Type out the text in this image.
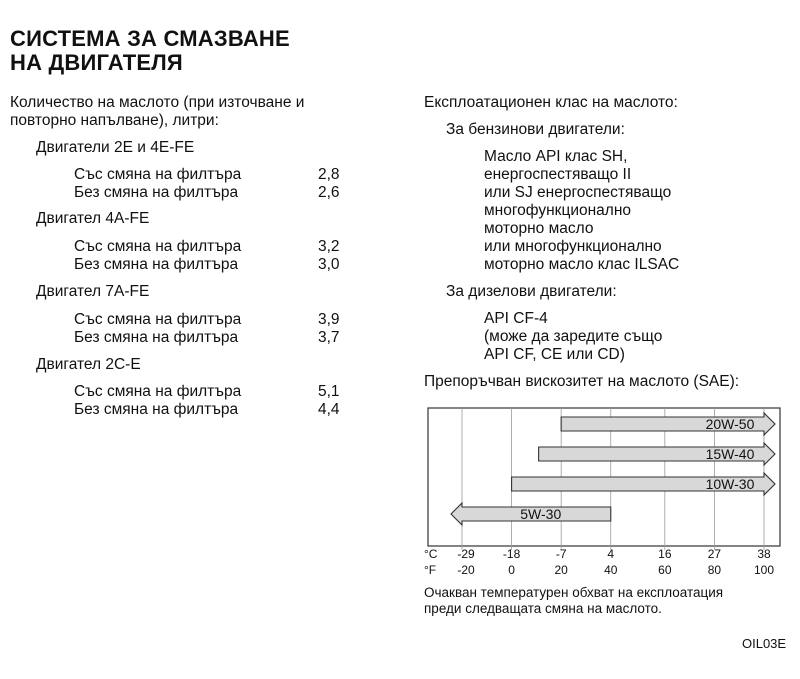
СИСТЕМА ЗА СМАЗВАНЕ
НА ДВИГАТЕЛЯ
Количество на маслото (при източване и
повторно напълване), литри:
Двигатели 2E и 4E-FE
Със смяна на филтъра	2,8
Без смяна на филтъра	2,6
Двигател 4A-FE
Със смяна на филтъра	3,2
Без смяна на филтъра	3,0
Двигател 7A-FE
Със смяна на филтъра	3,9
Без смяна на филтъра	3,7
Двигател 2C-E
Със смяна на филтъра	5,1
Без смяна на филтъра	4,4
Експлоатационен клас на маслото:
За бензинови двигатели:
Масло API клас SH,
енергоспестяващо II
или SJ енергоспестяващо
многофункционално
моторно масло
или многофункционално
моторно масло клас ILSAC
За дизелови двигатели:
API CF-4
(може да заредите също
API CF, CE или CD)
Препоръчван вискозитет на маслото (SAE):
20W-50
15W-40
10W-30
5W-30
°C
°F
-29 -18	-7	4	16	27	38
-20	0	20	40	60	80	100
Очакван температурен обхват на експлоатация
преди следващата смяна на маслото.
OIL03E
